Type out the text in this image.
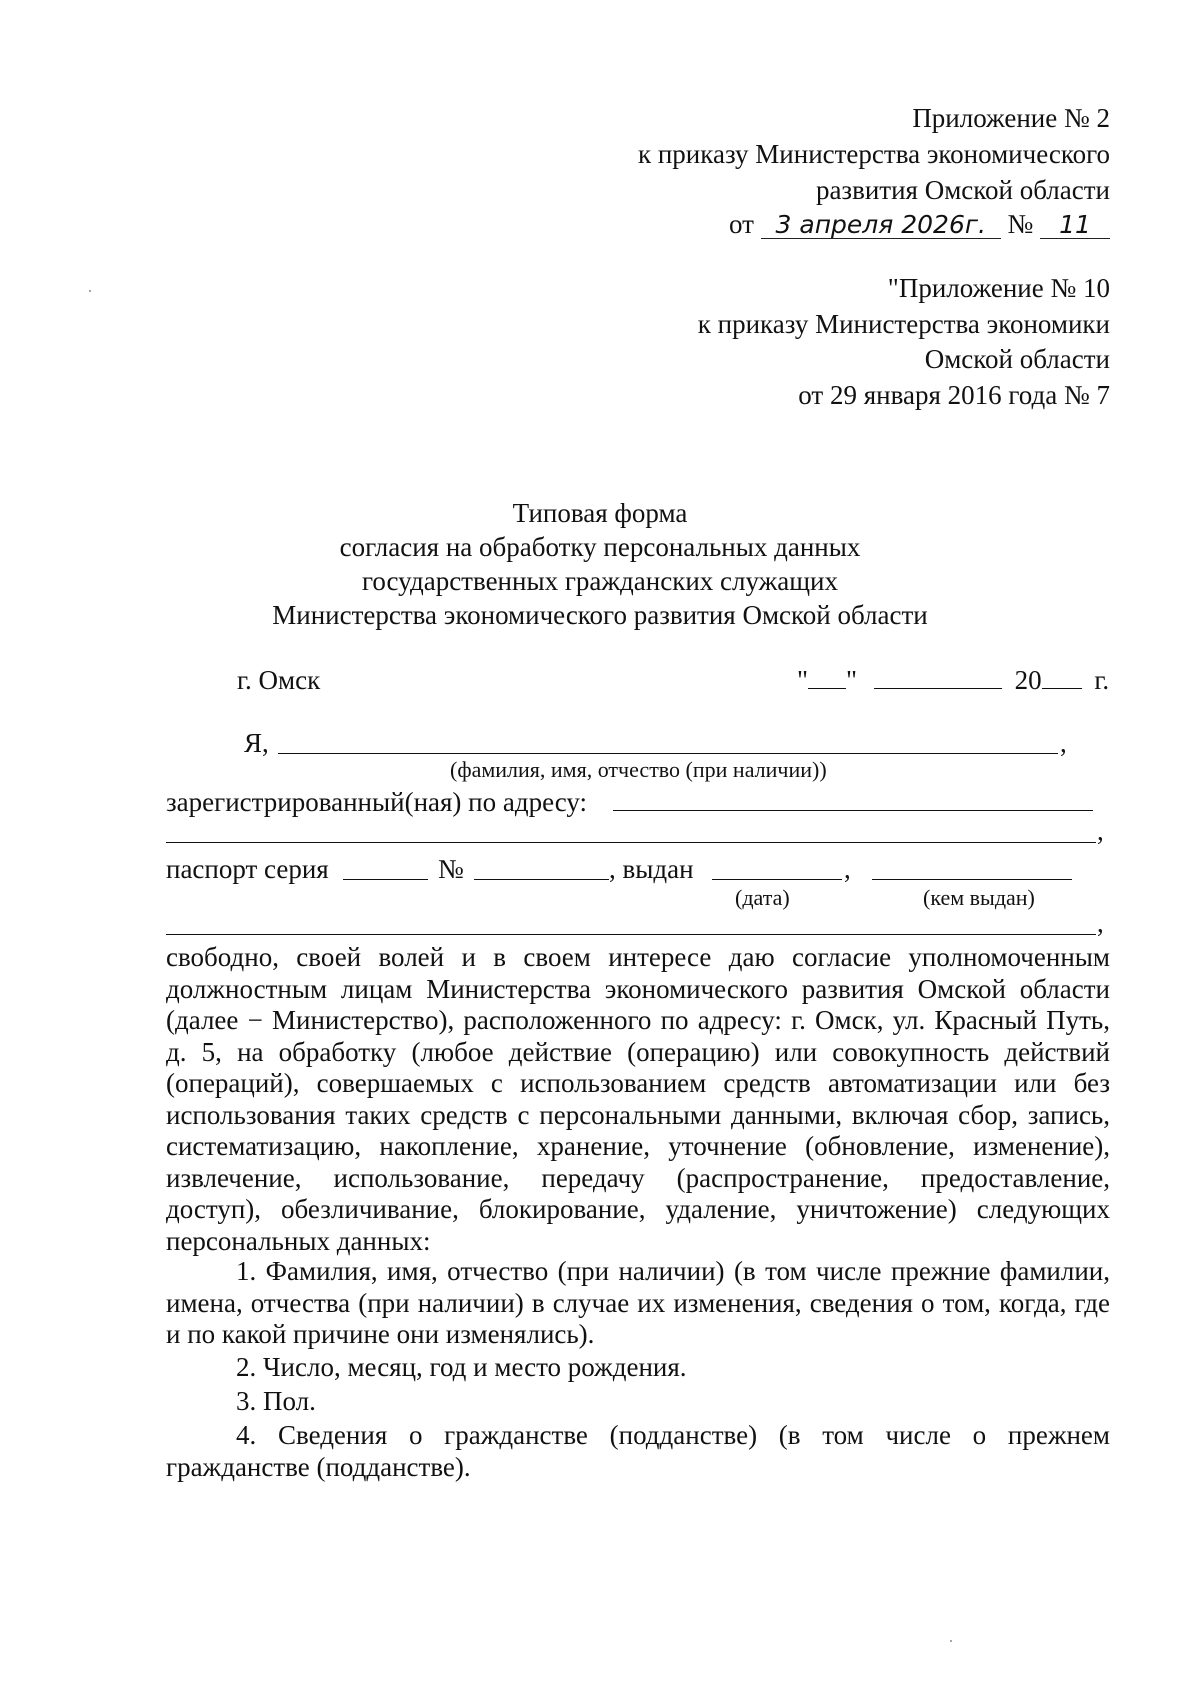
Приложение № 2
к приказу Министерства экономического
развития Омской области
от 3 апреля 2026г. № 11
"Приложение № 10
к приказу Министерства экономики
Омской области
от 29 января 2016 года № 7
Типовая форма
согласия на обработку персональных данных
государственных гражданских служащих
Министерства экономического развития Омской области
г. Омск	" "	20 г.
Я,	,
(фамилия, имя, отчество (при наличии))
зарегистрированный(ная) по адресу:
,
паспорт серия	№	, выдан	,
(дата)	(кем выдан)
,
свободно, своей волей и в своем интересе даю согласие уполномоченным должностным лицам Министерства экономического развития Омской области (далее − Министерство), расположенного по адресу: г. Омск, ул. Красный Путь, д. 5, на обработку (любое действие (операцию) или совокупность действий (операций), совершаемых с использованием средств автоматизации или без использования таких средств с персональными данными, включая сбор, запись, систематизацию, накопление, хранение, уточнение (обновление, изменение), извлечение, использование, передачу (распространение, предоставление, доступ), обезличивание, блокирование, удаление, уничтожение) следующих персональных данных:
1. Фамилия, имя, отчество (при наличии) (в том числе прежние фамилии, имена, отчества (при наличии) в случае их изменения, сведения о том, когда, где и по какой причине они изменялись).
2. Число, месяц, год и место рождения.
3. Пол.
4. Сведения о гражданстве (подданстве) (в том числе о прежнем гражданстве (подданстве).
